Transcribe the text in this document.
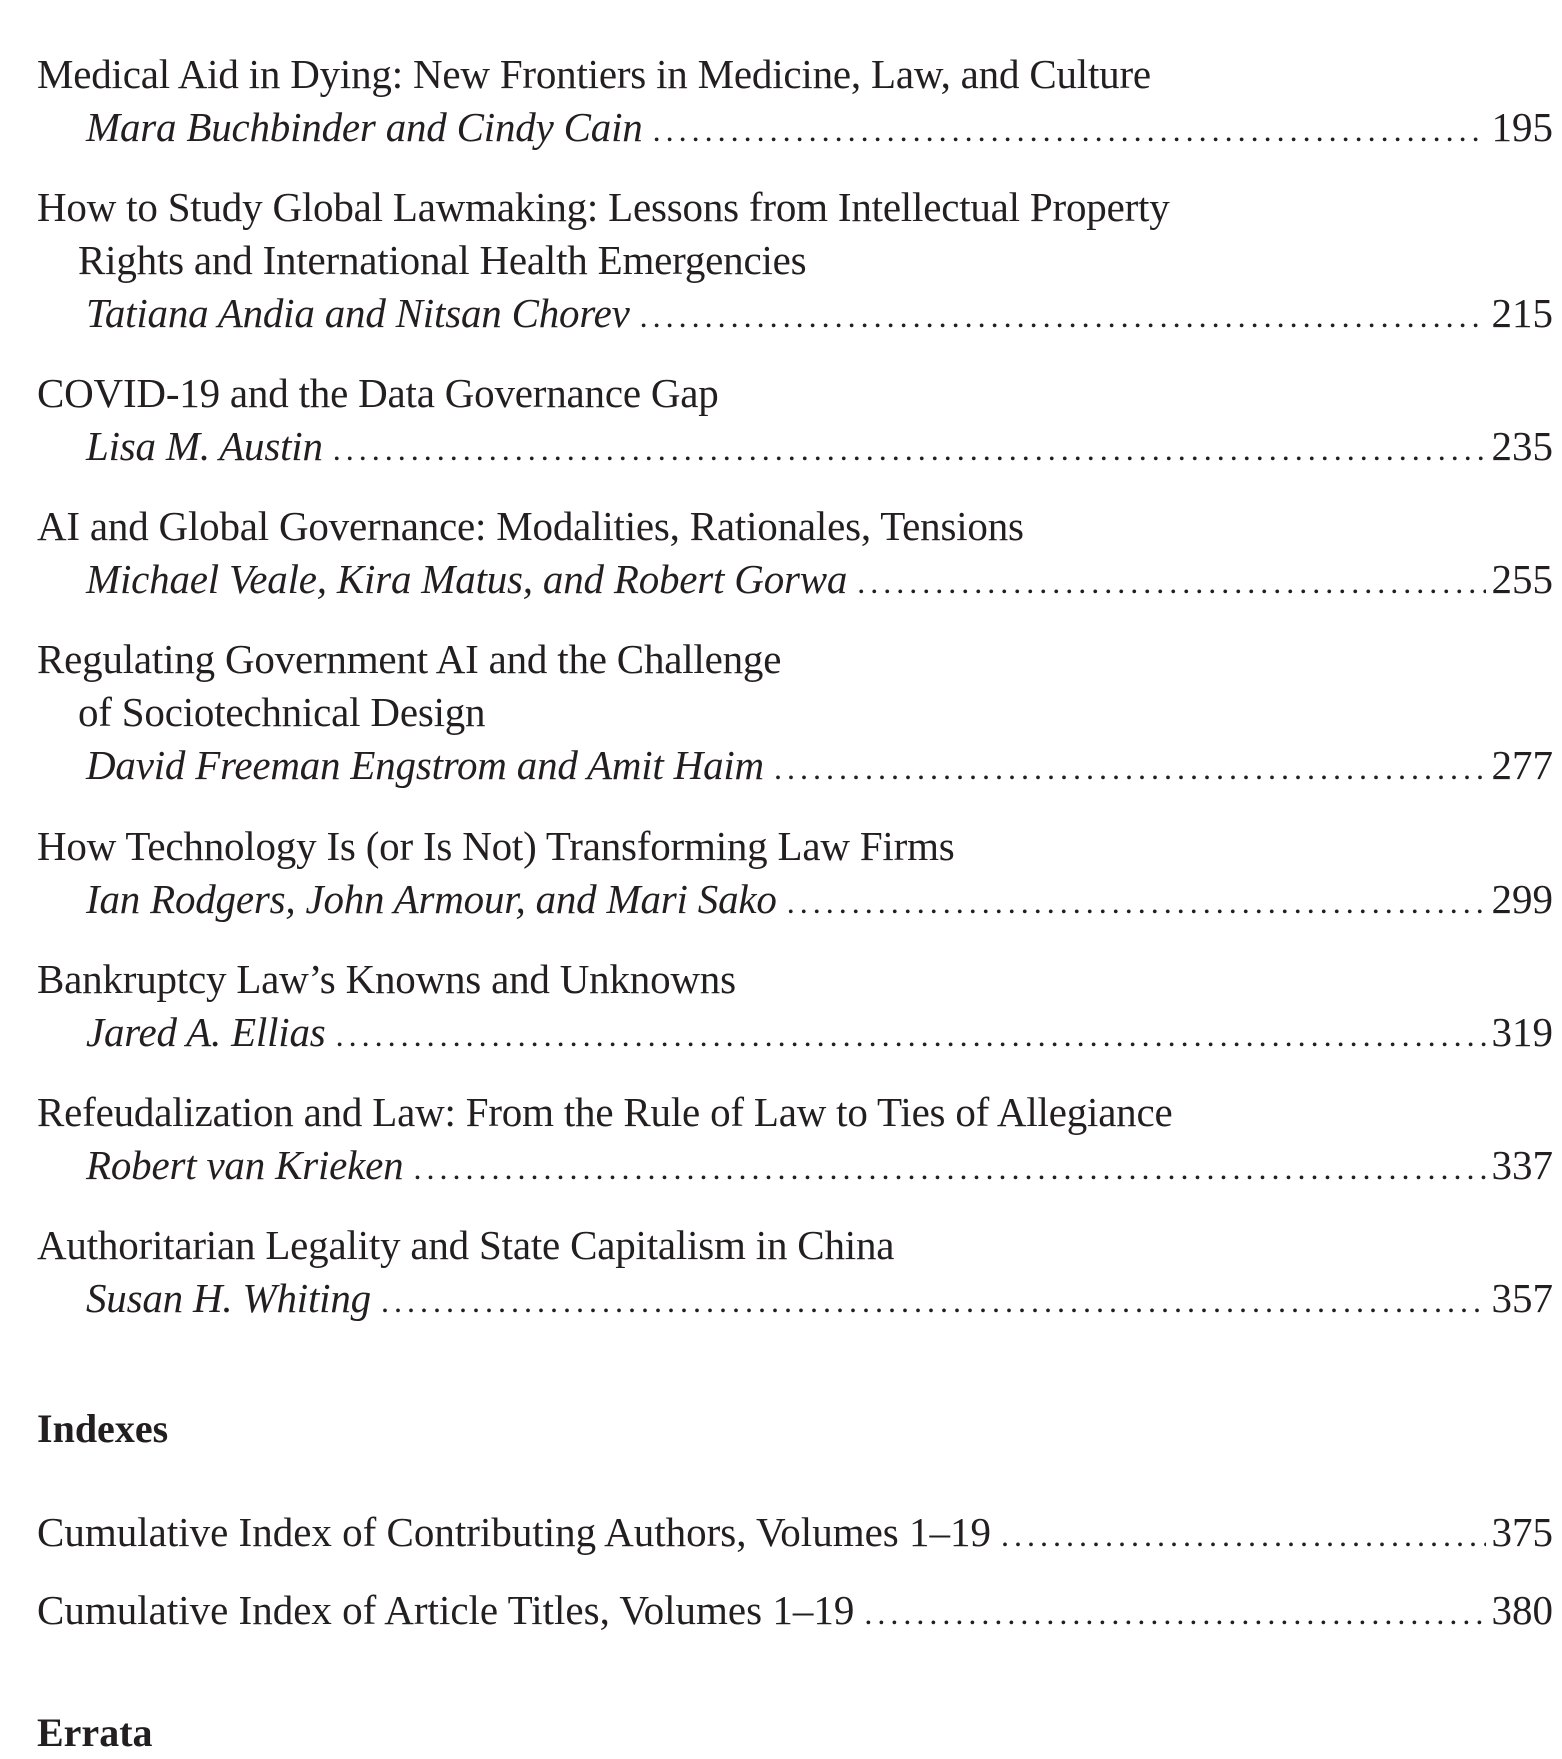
Medical Aid in Dying: New Frontiers in Medicine, Law, and Culture
Mara Buchbinder and Cindy Cain . . .	195
How to Study Global Lawmaking: Lessons from Intellectual Property
Rights and International Health Emergencies
Tatiana Andia and Nitsan Chorev . . .	215
COVID-19 and the Data Governance Gap
Lisa M. Austin . . .	235
AI and Global Governance: Modalities, Rationales, Tensions
Michael Veale, Kira Matus, and Robert Gorwa . . .	255
Regulating Government AI and the Challenge
of Sociotechnical Design
David Freeman Engstrom and Amit Haim . . .	277
How Technology Is (or Is Not) Transforming Law Firms
Ian Rodgers, John Armour, and Mari Sako . . .	299
Bankruptcy Law’s Knowns and Unknowns
Jared A. Ellias . . .	319
Refeudalization and Law: From the Rule of Law to Ties of Allegiance
Robert van Krieken . . .	337
Authoritarian Legality and State Capitalism in China
Susan H. Whiting . . .	357
Indexes
Cumulative Index of Contributing Authors, Volumes 1–19 . . .	375
Cumulative Index of Article Titles, Volumes 1–19 . . .	380
Errata
